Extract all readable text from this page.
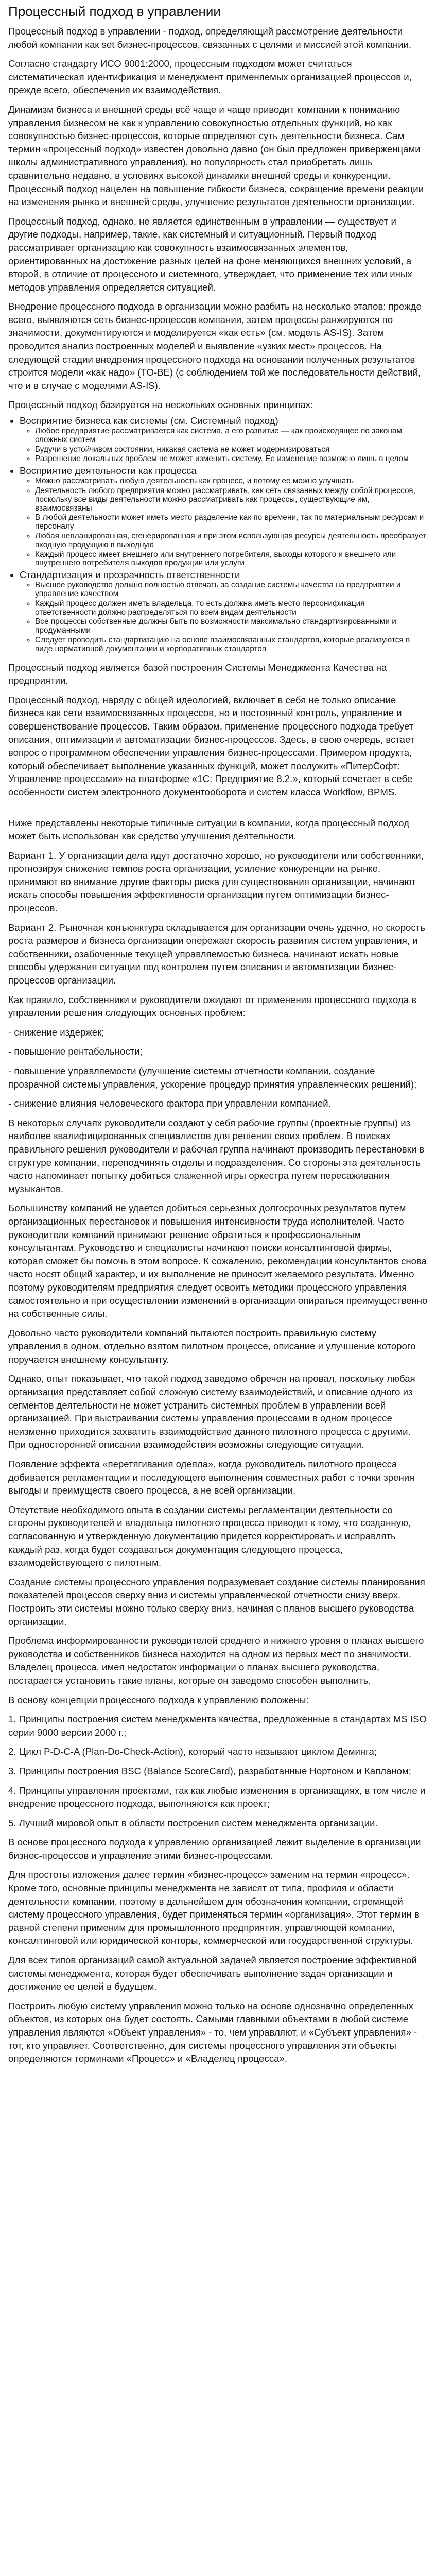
Процессный подход в управлении

Процессный подход в управлении - подход, определяющий рассмотрение деятельности любой компании как set бизнес-процессов, связанных с целями и миссией этой компании.

Согласно стандарту ИСО 9001:2000, процессным подходом может считаться систематическая идентификация и менеджмент применяемых организацией процессов и, прежде всего, обеспечения их взаимодействия.

Динамизм бизнеса и внешней среды всё чаще и чаще приводит компании к пониманию управления бизнесом не как к управлению совокупностью отдельных функций, но как совокупностью бизнес-процессов, которые определяют суть деятельности бизнеса. Сам термин «процессный подход» известен довольно давно (он был предложен приверженцами школы административного управления), но популярность стал приобретать лишь сравнительно недавно, в условиях высокой динамики внешней среды и конкуренции. Процессный подход нацелен на повышение гибкости бизнеса, сокращение времени реакции на изменения рынка и внешней среды, улучшение результатов деятельности организации.

Процессный подход, однако, не является единственным в управлении — существует и другие подходы, например, такие, как системный и ситуационный. Первый подход рассматривает организацию как совокупность взаимосвязанных элементов, ориентированных на достижение разных целей на фоне меняющихся внешних условий, а второй, в отличие от процессного и системного, утверждает, что применение тех или иных методов управления определяется ситуацией.

Внедрение процессного подхода в организации можно разбить на несколько этапов: прежде всего, выявляются сеть бизнес-процессов компании, затем процессы ранжируются по значимости, документируются и моделируется «как есть» (см. модель AS-IS). Затем проводится анализ построенных моделей и выявление «узких мест» процессов. На следующей стадии внедрения процессного подхода на основании полученных результатов строится модели «как надо» (TO-BE) (с соблюдением той же последовательности действий, что и в случае с моделями AS-IS).

Процессный подход базируется на нескольких основных принципах:

• Восприятие бизнеса как системы (см. Системный подход)
◦ Любое предприятие рассматривается как система, а его развитие — как происходящее по законам сложных систем
◦ Будучи в устойчивом состоянии, никакая система не может модернизироваться
◦ Разрешение локальных проблем не может изменить систему. Ее изменение возможно лишь в целом
• Восприятие деятельности как процесса
◦ Можно рассматривать любую деятельность как процесс, и потому ее можно улучшать
◦ Деятельность любого предприятия можно рассматривать, как сеть связанных между собой процессов, поскольку все виды деятельности можно рассматривать как процессы, существующие им, взаимосвязаны
◦ В любой деятельности может иметь место разделение как по времени, так по материальным ресурсам и персоналу
◦ Любая непланированная, сгенерированная и при этом использующая ресурсы деятельность преобразует входную продукцию в выходную
◦ Каждый процесс имеет внешнего или внутреннего потребителя, выходы которого и внешнего или внутреннего потребителя выходов продукции или услуги
• Стандартизация и прозрачность ответственности
◦ Высшее руководство должно полностью отвечать за создание системы качества на предприятии и управление качеством
◦ Каждый процесс должен иметь владельца, то есть должна иметь место персонификация ответственности должно распределяться по всем видам деятельности
◦ Все процессы собственные должны быть по возможности максимально стандартизированными и продуманными
◦ Следует проводить стандартизацию на основе взаимосвязанных стандартов, которые реализуются в виде нормативной документации и корпоративных стандартов

Процессный подход является базой построения Системы Менеджмента Качества на предприятии.

Процессный подход, наряду с общей идеологией, включает в себя не только описание бизнеса как сети взаимосвязанных процессов, но и постоянный контроль, управление и совершенствование процессов. Таким образом, применение процессного подхода требует описания, оптимизации и автоматизации бизнес-процессов. Здесь, в свою очередь, встает вопрос о программном обеспечении управления бизнес-процессами. Примером продукта, который обеспечивает выполнение указанных функций, может послужить «ПитерСофт: Управление процессами» на платформе «1С: Предприятие 8.2.», который сочетает в себе особенности систем электронного документооборота и систем класса Workflow, BPMS.

Ниже представлены некоторые типичные ситуации в компании, когда процессный подход может быть использован как средство улучшения деятельности.

Вариант 1. У организации дела идут достаточно хорошо, но руководители или собственники, прогнозируя снижение темпов роста организации, усиление конкуренции на рынке, принимают во внимание другие факторы риска для существования организации, начинают искать способы повышения эффективности организации путем оптимизации бизнес-процессов.

Вариант 2. Рыночная конъюнктура складывается для организации очень удачно, но скорость роста размеров и бизнеса организации опережает скорость развития систем управления, и собственники, озабоченные текущей управляемостью бизнеса, начинают искать новые способы удержания ситуации под контролем путем описания и автоматизации бизнес-процессов организации.

Как правило, собственники и руководители ожидают от применения процессного подхода в управлении решения следующих основных проблем:

- снижение издержек;

- повышение рентабельности;

- повышение управляемости (улучшение системы отчетности компании, создание прозрачной системы управления, ускорение процедур принятия управленческих решений);

- снижение влияния человеческого фактора при управлении компанией.

В некоторых случаях руководители создают у себя рабочие группы (проектные группы) из наиболее квалифицированных специалистов для решения своих проблем. В поисках правильного решения руководители и рабочая группа начинают производить перестановки в структуре компании, переподчинять отделы и подразделения. Со стороны эта деятельность часто напоминает попытку добиться слаженной игры оркестра путем пересаживания музыкантов.

Большинству компаний не удается добиться серьезных долгосрочных результатов путем организационных перестановок и повышения интенсивности труда исполнителей. Часто руководители компаний принимают решение обратиться к профессиональным консультантам. Руководство и специалисты начинают поиски консалтинговой фирмы, которая сможет бы помочь в этом вопросе. К сожалению, рекомендации консультантов снова часто носят общий характер, и их выполнение не приносит желаемого результата. Именно поэтому руководителям предприятия следует освоить методики процессного управления самостоятельно и при осуществлении изменений в организации опираться преимущественно на собственные силы.

Довольно часто руководители компаний пытаются построить правильную систему управления в одном, отдельно взятом пилотном процессе, описание и улучшение которого поручается внешнему консультанту.

Однако, опыт показывает, что такой подход заведомо обречен на провал, поскольку любая организация представляет собой сложную систему взаимодействий, и описание одного из сегментов деятельности не может устранить системных проблем в управлении всей организацией. При выстраивании системы управления процессами в одном процессе неизменно приходится захватить взаимодействие данного пилотного процесса с другими. При односторонней описании взаимодействия возможны следующие ситуации.

Появление эффекта «перетягивания одеяла», когда руководитель пилотного процесса добивается регламентации и последующего выполнения совместных работ с точки зрения выгоды и преимуществ своего процесса, а не всей организации.

Отсутствие необходимого опыта в создании системы регламентации деятельности со стороны руководителей и владельца пилотного процесса приводит к тому, что созданную, согласованную и утвержденную документацию придется корректировать и исправлять каждый раз, когда будет создаваться документация следующего процесса, взаимодействующего с пилотным.

Создание системы процессного управления подразумевает создание системы планирования показателей процессов сверху вниз и системы управленческой отчетности снизу вверх. Построить эти системы можно только сверху вниз, начиная с планов высшего руководства организации.

Проблема информированности руководителей среднего и нижнего уровня о планах высшего руководства и собственников бизнеса находится на одном из первых мест по значимости. Владелец процесса, имея недостаток информации о планах высшего руководства, постарается установить такие планы, которые он заведомо способен выполнить.

В основу концепции процессного подхода к управлению положены:

1. Принципы построения систем менеджмента качества, предложенные в стандартах MS ISO серии 9000 версии 2000 г.;

2. Цикл P-D-C-A (Plan-Do-Check-Action), который часто называют циклом Деминга;

3. Принципы построения BSC (Balance ScoreCard), разработанные Нортоном и Капланом;

4. Принципы управления проектами, так как любые изменения в организациях, в том числе и внедрение процессного подхода, выполняются как проект;

5. Лучший мировой опыт в области построения систем менеджмента организации.

В основе процессного подхода к управлению организацией лежит выделение в организации бизнес-процессов и управление этими бизнес-процессами.

Для простоты изложения далее термин «бизнес-процесс» заменим на термин «процесс». Кроме того, основные принципы менеджмента не зависят от типа, профиля и области деятельности компании, поэтому в дальнейшем для обозначения компании, стремящей систему процессного управления, будет применяться термин «организация». Этот термин в равной степени применим для промышленного предприятия, управляющей компании, консалтинговой или юридической конторы, коммерческой или государственной структуры.

Для всех типов организаций самой актуальной задачей является построение эффективной системы менеджмента, которая будет обеспечивать выполнение задач организации и достижение ее целей в будущем.

Построить любую систему управления можно только на основе однозначно определенных объектов, из которых она будет состоять. Самыми главными объектами в любой системе управления являются «Объект управления» - то, чем управляют, и «Субъект управления» - тот, кто управляет. Соответственно, для системы процессного управления эти объекты определяются терминами «Процесс» и «Владелец процесса».
